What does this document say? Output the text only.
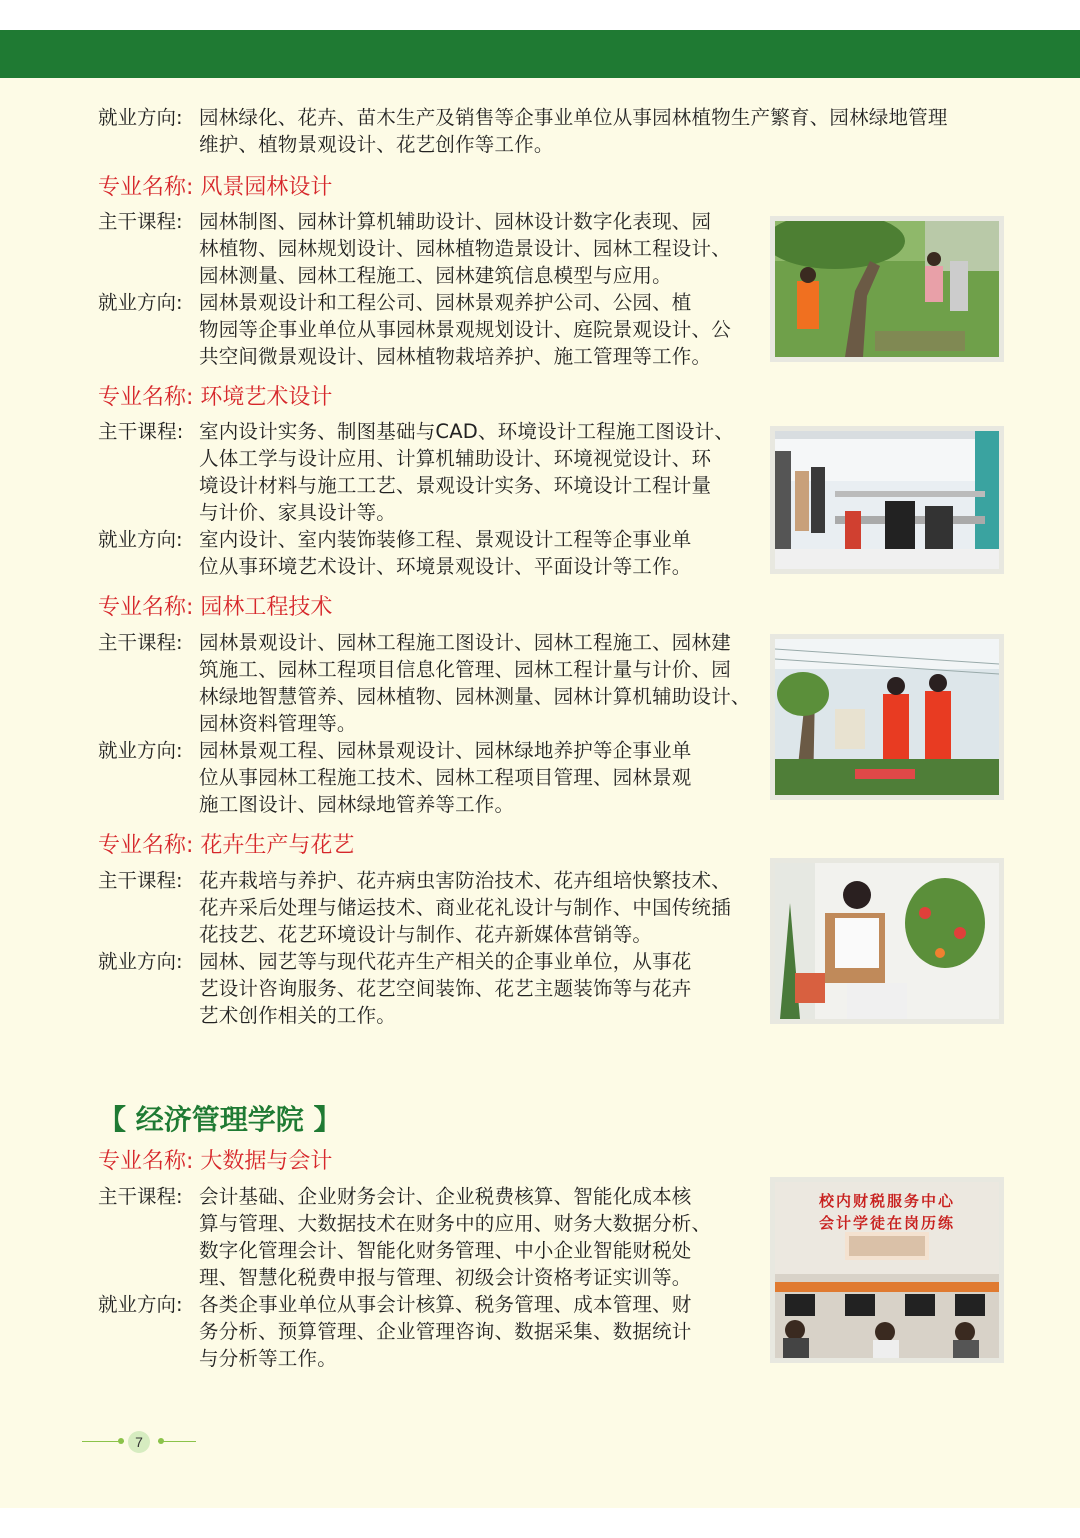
就业方向: 园林绿化、花卉、苗木生产及销售等企事业单位从事园林植物生产繁育、园林绿地管理
维护、植物景观设计、花艺创作等工作。
专业名称: 风景园林设计
主干课程: 园林制图、园林计算机辅助设计、园林设计数字化表现、园
林植物、园林规划设计、园林植物造景设计、园林工程设计、
园林测量、园林工程施工、园林建筑信息模型与应用。
就业方向: 园林景观设计和工程公司、园林景观养护公司、公园、植
物园等企事业单位从事园林景观规划设计、庭院景观设计、公
共空间微景观设计、园林植物栽培养护、施工管理等工作。
专业名称: 环境艺术设计
主干课程: 室内设计实务、制图基础与CAD、环境设计工程施工图设计、
人体工学与设计应用、计算机辅助设计、环境视觉设计、环
境设计材料与施工工艺、景观设计实务、环境设计工程计量
与计价、家具设计等。
就业方向: 室内设计、室内装饰装修工程、景观设计工程等企事业单
位从事环境艺术设计、环境景观设计、平面设计等工作。
专业名称: 园林工程技术
主干课程: 园林景观设计、园林工程施工图设计、园林工程施工、园林建
筑施工、园林工程项目信息化管理、园林工程计量与计价、园
林绿地智慧管养、园林植物、园林测量、园林计算机辅助设计、
园林资料管理等。
就业方向: 园林景观工程、园林景观设计、园林绿地养护等企事业单
位从事园林工程施工技术、园林工程项目管理、园林景观
施工图设计、园林绿地管养等工作。
专业名称: 花卉生产与花艺
主干课程: 花卉栽培与养护、花卉病虫害防治技术、花卉组培快繁技术、
花卉采后处理与储运技术、商业花礼设计与制作、中国传统插
花技艺、花艺环境设计与制作、花卉新媒体营销等。
就业方向: 园林、园艺等与现代花卉生产相关的企事业单位，从事花
艺设计咨询服务、花艺空间装饰、花艺主题装饰等与花卉
艺术创作相关的工作。
【 经济管理学院 】
专业名称: 大数据与会计
主干课程: 会计基础、企业财务会计、企业税费核算、智能化成本核
算与管理、大数据技术在财务中的应用、财务大数据分析、
数字化管理会计、智能化财务管理、中小企业智能财税处
理、智慧化税费申报与管理、初级会计资格考证实训等。
就业方向: 各类企事业单位从事会计核算、税务管理、成本管理、财
务分析、预算管理、企业管理咨询、数据采集、数据统计
与分析等工作。
校内财税服务中心
会计学徒在岗历练
7
